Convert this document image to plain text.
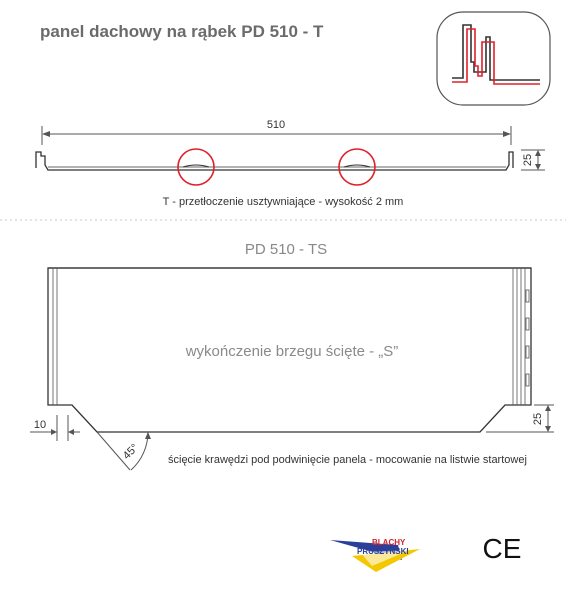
panel dachowy na rąbek PD 510 - T
510
25
T - przetłoczenie usztywniające - wysokość 2 mm
PD 510 - TS
wykończenie brzegu ścięte - „S”
10
45°
25
ścięcie krawędzi pod podwinięcie panela - mocowanie na listwie startowej
BLACHY
PRUSZYŃSKI	CE
